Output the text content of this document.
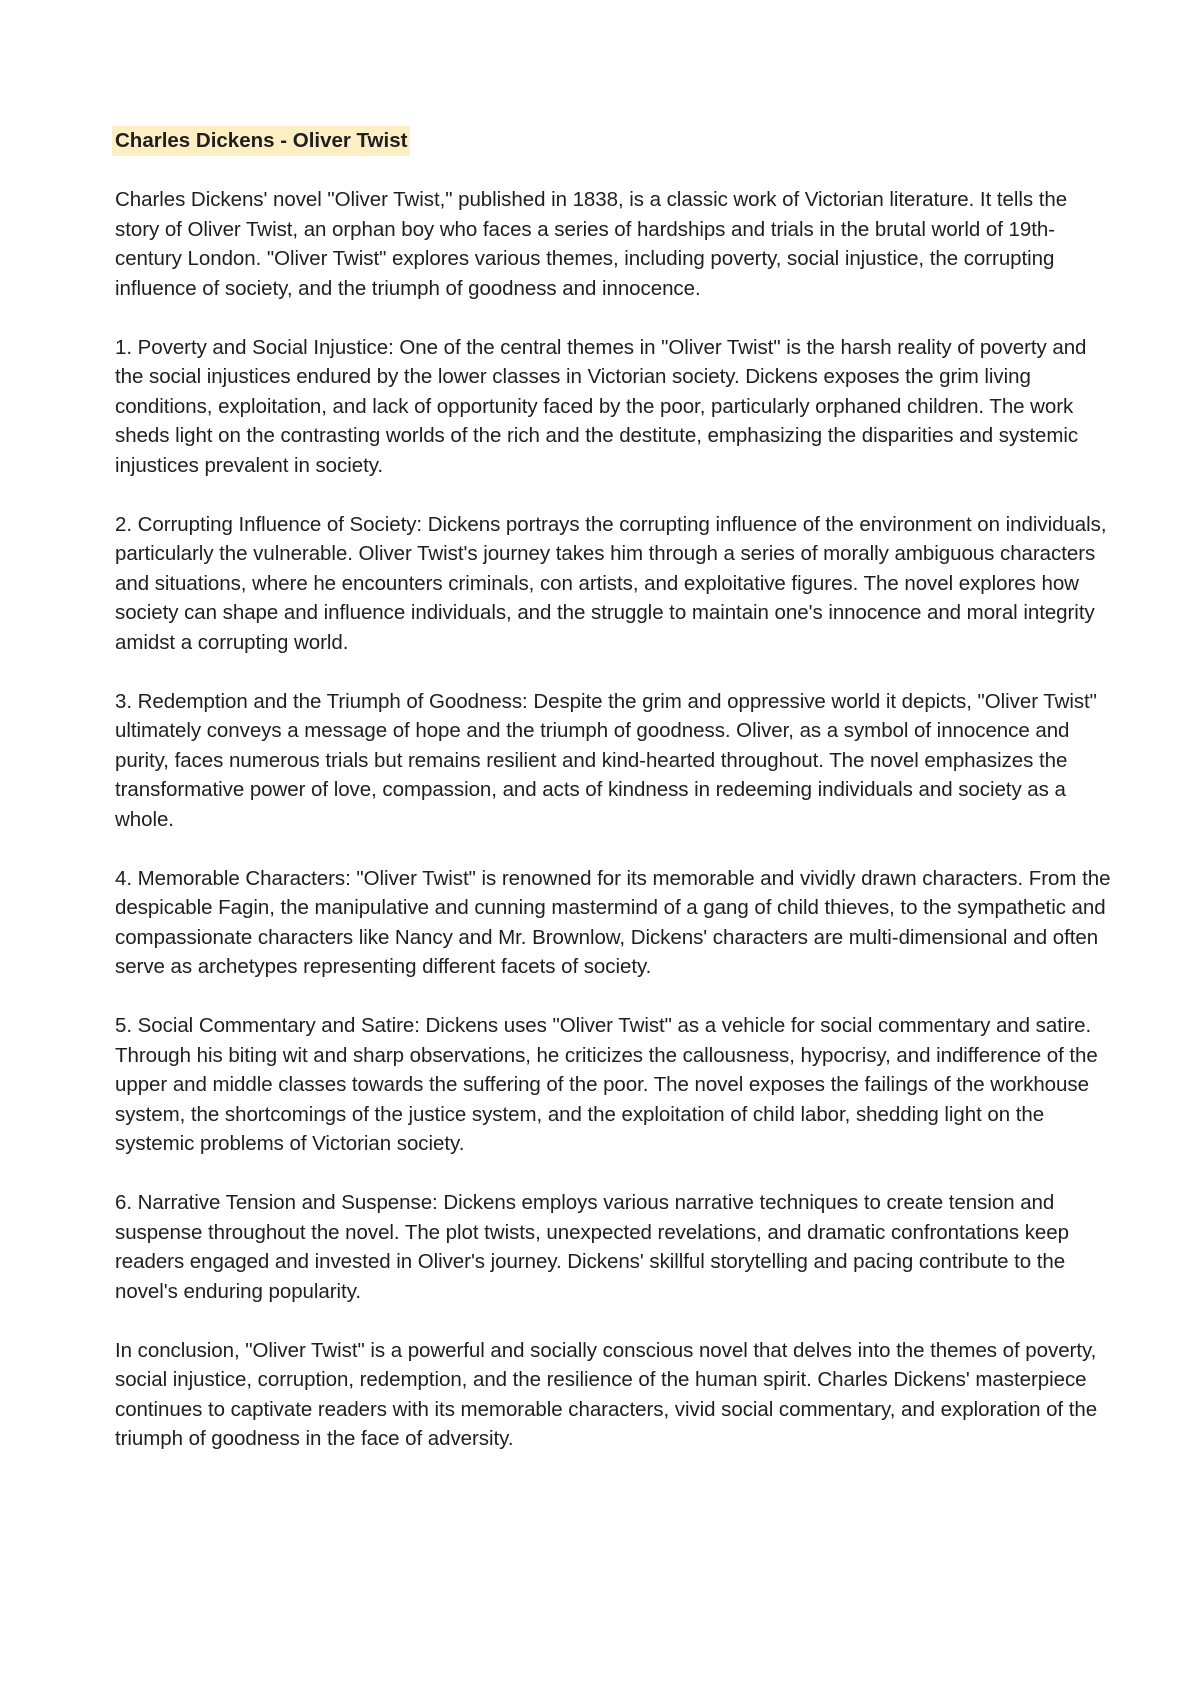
Charles Dickens - Oliver Twist

Charles Dickens' novel "Oliver Twist," published in 1838, is a classic work of Victorian literature. It tells the story of Oliver Twist, an orphan boy who faces a series of hardships and trials in the brutal world of 19th-century London. "Oliver Twist" explores various themes, including poverty, social injustice, the corrupting influence of society, and the triumph of goodness and innocence.

1. Poverty and Social Injustice: One of the central themes in "Oliver Twist" is the harsh reality of poverty and the social injustices endured by the lower classes in Victorian society. Dickens exposes the grim living conditions, exploitation, and lack of opportunity faced by the poor, particularly orphaned children. The work sheds light on the contrasting worlds of the rich and the destitute, emphasizing the disparities and systemic injustices prevalent in society.

2. Corrupting Influence of Society: Dickens portrays the corrupting influence of the environment on individuals, particularly the vulnerable. Oliver Twist's journey takes him through a series of morally ambiguous characters and situations, where he encounters criminals, con artists, and exploitative figures. The novel explores how society can shape and influence individuals, and the struggle to maintain one's innocence and moral integrity amidst a corrupting world.

3. Redemption and the Triumph of Goodness: Despite the grim and oppressive world it depicts, "Oliver Twist" ultimately conveys a message of hope and the triumph of goodness. Oliver, as a symbol of innocence and purity, faces numerous trials but remains resilient and kind-hearted throughout. The novel emphasizes the transformative power of love, compassion, and acts of kindness in redeeming individuals and society as a whole.

4. Memorable Characters: "Oliver Twist" is renowned for its memorable and vividly drawn characters. From the despicable Fagin, the manipulative and cunning mastermind of a gang of child thieves, to the sympathetic and compassionate characters like Nancy and Mr. Brownlow, Dickens' characters are multi-dimensional and often serve as archetypes representing different facets of society.

5. Social Commentary and Satire: Dickens uses "Oliver Twist" as a vehicle for social commentary and satire. Through his biting wit and sharp observations, he criticizes the callousness, hypocrisy, and indifference of the upper and middle classes towards the suffering of the poor. The novel exposes the failings of the workhouse system, the shortcomings of the justice system, and the exploitation of child labor, shedding light on the systemic problems of Victorian society.

6. Narrative Tension and Suspense: Dickens employs various narrative techniques to create tension and suspense throughout the novel. The plot twists, unexpected revelations, and dramatic confrontations keep readers engaged and invested in Oliver's journey. Dickens' skillful storytelling and pacing contribute to the novel's enduring popularity.

In conclusion, "Oliver Twist" is a powerful and socially conscious novel that delves into the themes of poverty, social injustice, corruption, redemption, and the resilience of the human spirit. Charles Dickens' masterpiece continues to captivate readers with its memorable characters, vivid social commentary, and exploration of the triumph of goodness in the face of adversity.
